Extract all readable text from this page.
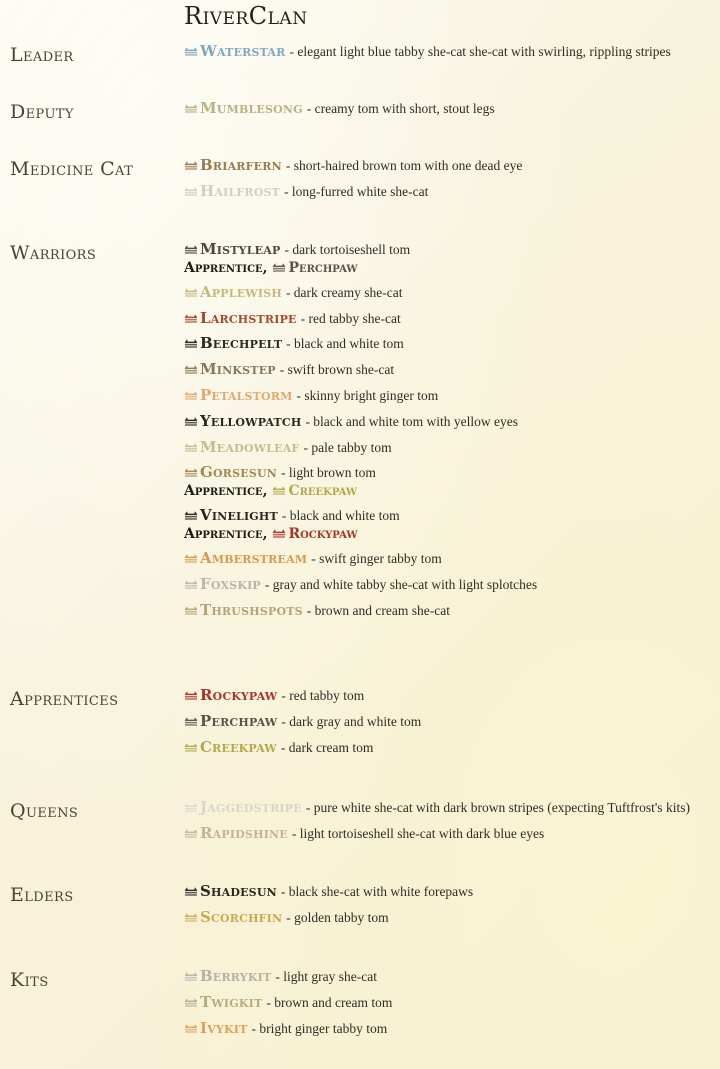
RiverClan
Leader	Waterstar - elegant light blue tabby she-cat she-cat with swirling, rippling stripes
Deputy	Mumblesong - creamy tom with short, stout legs
Medicine Cat	Briarfern - short-haired brown tom with one dead eye
Hailfrost - long-furred white she-cat
Warriors	Mistyleap - dark tortoiseshell tom
Apprentice, Perchpaw
Applewish - dark creamy she-cat
Larchstripe - red tabby she-cat
Beechpelt - black and white tom
Minkstep - swift brown she-cat
Petalstorm - skinny bright ginger tom
Yellowpatch - black and white tom with yellow eyes
Meadowleaf - pale tabby tom
Gorsesun - light brown tom
Apprentice, Creekpaw
Vinelight - black and white tom
Apprentice, Rockypaw
Amberstream - swift ginger tabby tom
Foxskip - gray and white tabby she-cat with light splotches
Thrushspots - brown and cream she-cat
Apprentices	Rockypaw - red tabby tom
Perchpaw - dark gray and white tom
Creekpaw - dark cream tom
Queens	Jaggedstripe - pure white she-cat with dark brown stripes (expecting Tuftfrost's kits)
Rapidshine - light tortoiseshell she-cat with dark blue eyes
Elders	Shadesun - black she-cat with white forepaws
Scorchfin - golden tabby tom
Kits	Berrykit - light gray she-cat
Twigkit - brown and cream tom
Ivykit - bright ginger tabby tom
